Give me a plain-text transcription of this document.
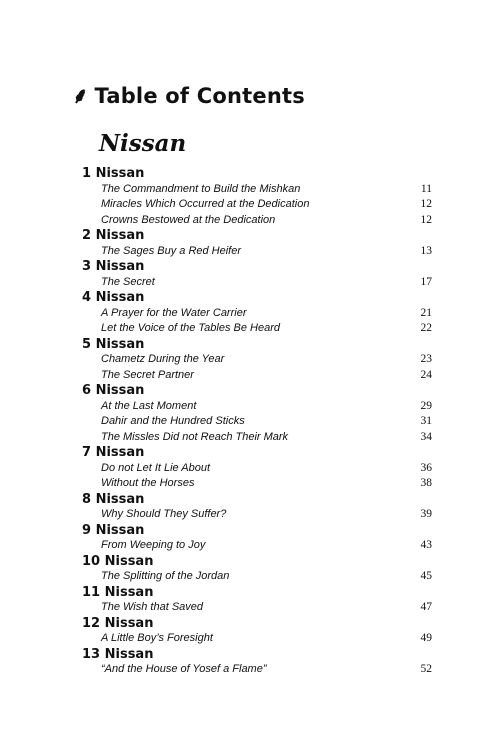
⸙ Table of Contents
Nissan
1 Nissan
The Commandment to Build the Mishkan	11
Miracles Which Occurred at the Dedication	12
Crowns Bestowed at the Dedication	12
2 Nissan
The Sages Buy a Red Heifer	13
3 Nissan
The Secret	17
4 Nissan
A Prayer for the Water Carrier	21
Let the Voice of the Tables Be Heard	22
5 Nissan
Chametz During the Year	23
The Secret Partner	24
6 Nissan
At the Last Moment	29
Dahir and the Hundred Sticks	31
The Missles Did not Reach Their Mark	34
7 Nissan
Do not Let It Lie About	36
Without the Horses	38
8 Nissan
Why Should They Suffer?	39
9 Nissan
From Weeping to Joy	43
10 Nissan
The Splitting of the Jordan	45
11 Nissan
The Wish that Saved	47
12 Nissan
A Little Boy’s Foresight	49
13 Nissan
“And the House of Yosef a Flame”	52
